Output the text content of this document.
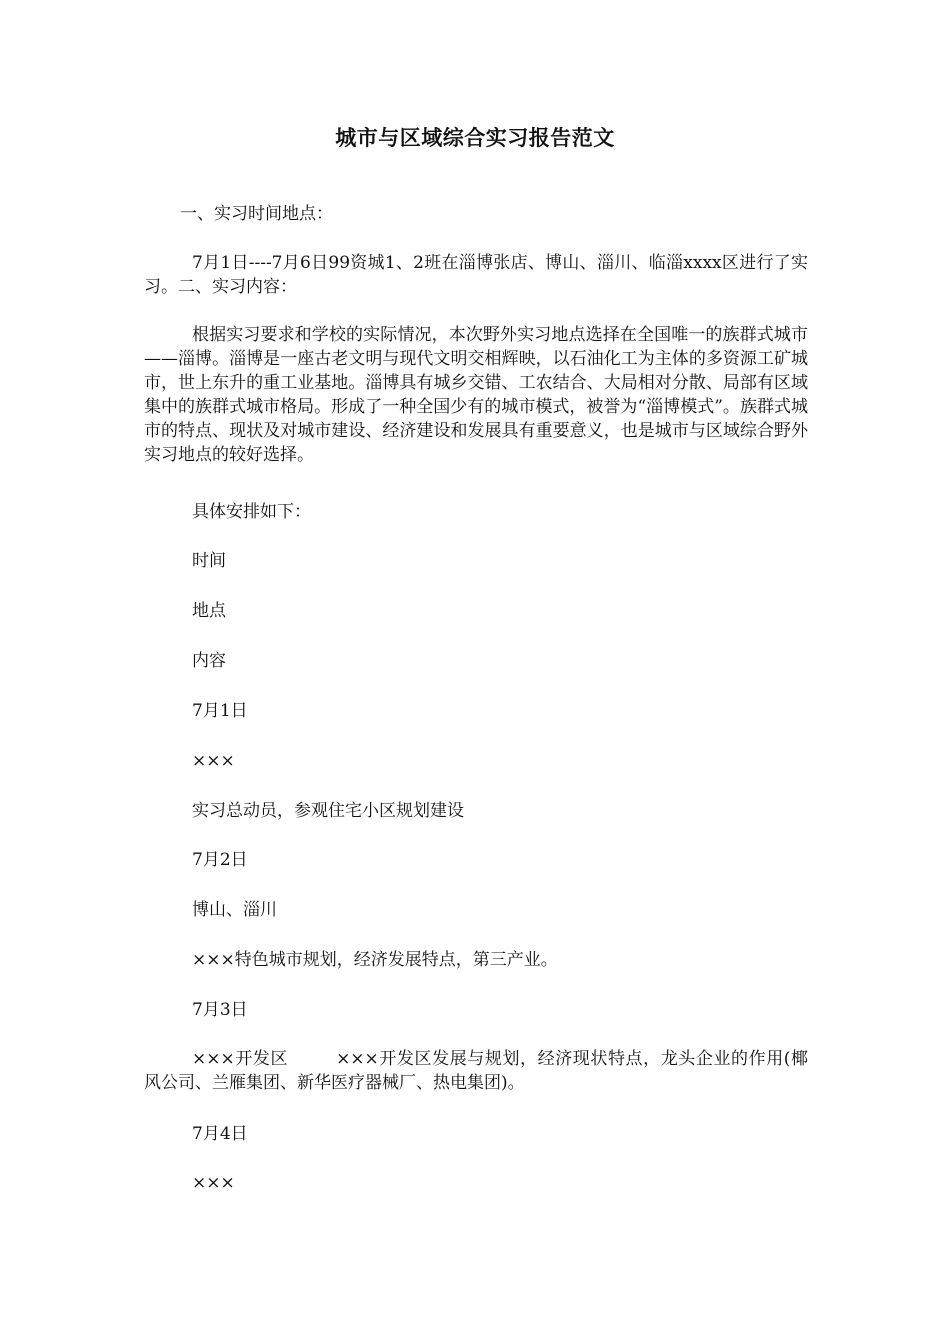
城市与区域综合实习报告范文

一、实习时间地点：

7月1日----7月6日99资城1、2班在淄博张店、博山、淄川、临淄xxxx区进行了实习。二、实习内容：

根据实习要求和学校的实际情况，本次野外实习地点选择在全国唯一的族群式城市——淄博。淄博是一座古老文明与现代文明交相辉映，以石油化工为主体的多资源工矿城市，世上东升的重工业基地。淄博具有城乡交错、工农结合、大局相对分散、局部有区域集中的族群式城市格局。形成了一种全国少有的城市模式，被誉为“淄博模式”。族群式城市的特点、现状及对城市建设、经济建设和发展具有重要意义，也是城市与区域综合野外实习地点的较好选择。

具体安排如下：

时间

地点

内容

7月1日

×××

实习总动员，参观住宅小区规划建设

7月2日

博山、淄川

×××特色城市规划，经济发展特点，第三产业。

7月3日

×××开发区	×××开发区发展与规划，经济现状特点，龙头企业的作用(椰风公司、兰雁集团、新华医疗器械厂、热电集团)。

7月4日

×××
